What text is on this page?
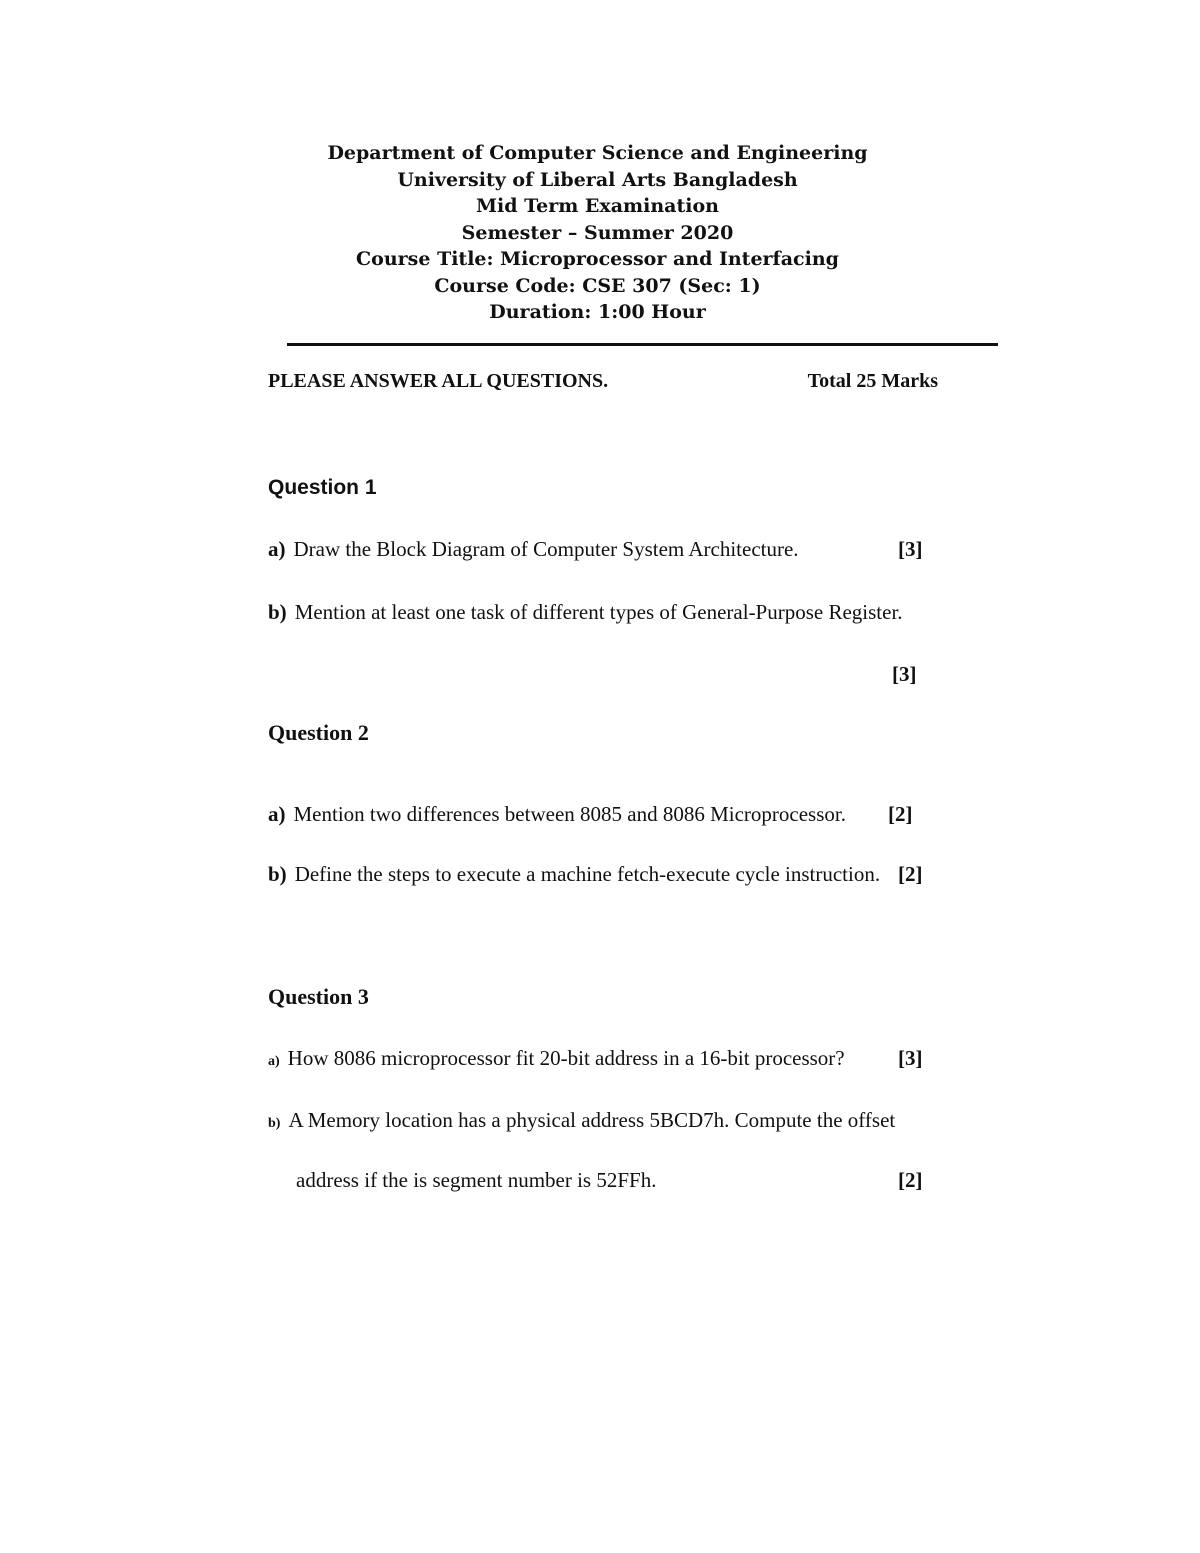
Department of Computer Science and Engineering
University of Liberal Arts Bangladesh
Mid Term Examination
Semester – Summer 2020
Course Title: Microprocessor and Interfacing
Course Code: CSE 307 (Sec: 1)
Duration: 1:00 Hour
PLEASE ANSWER ALL QUESTIONS.	Total 25 Marks
Question 1
a) Draw the Block Diagram of Computer System Architecture.	[3]
b) Mention at least one task of different types of General-Purpose Register.
[3]
Question 2
a) Mention two differences between 8085 and 8086 Microprocessor. [2]
b) Define the steps to execute a machine fetch-execute cycle instruction. [2]
Question 3
a) How 8086 microprocessor fit 20-bit address in a 16-bit processor?	[3]
b) A Memory location has a physical address 5BCD7h. Compute the offset
address if the is segment number is 52FFh.	[2]
